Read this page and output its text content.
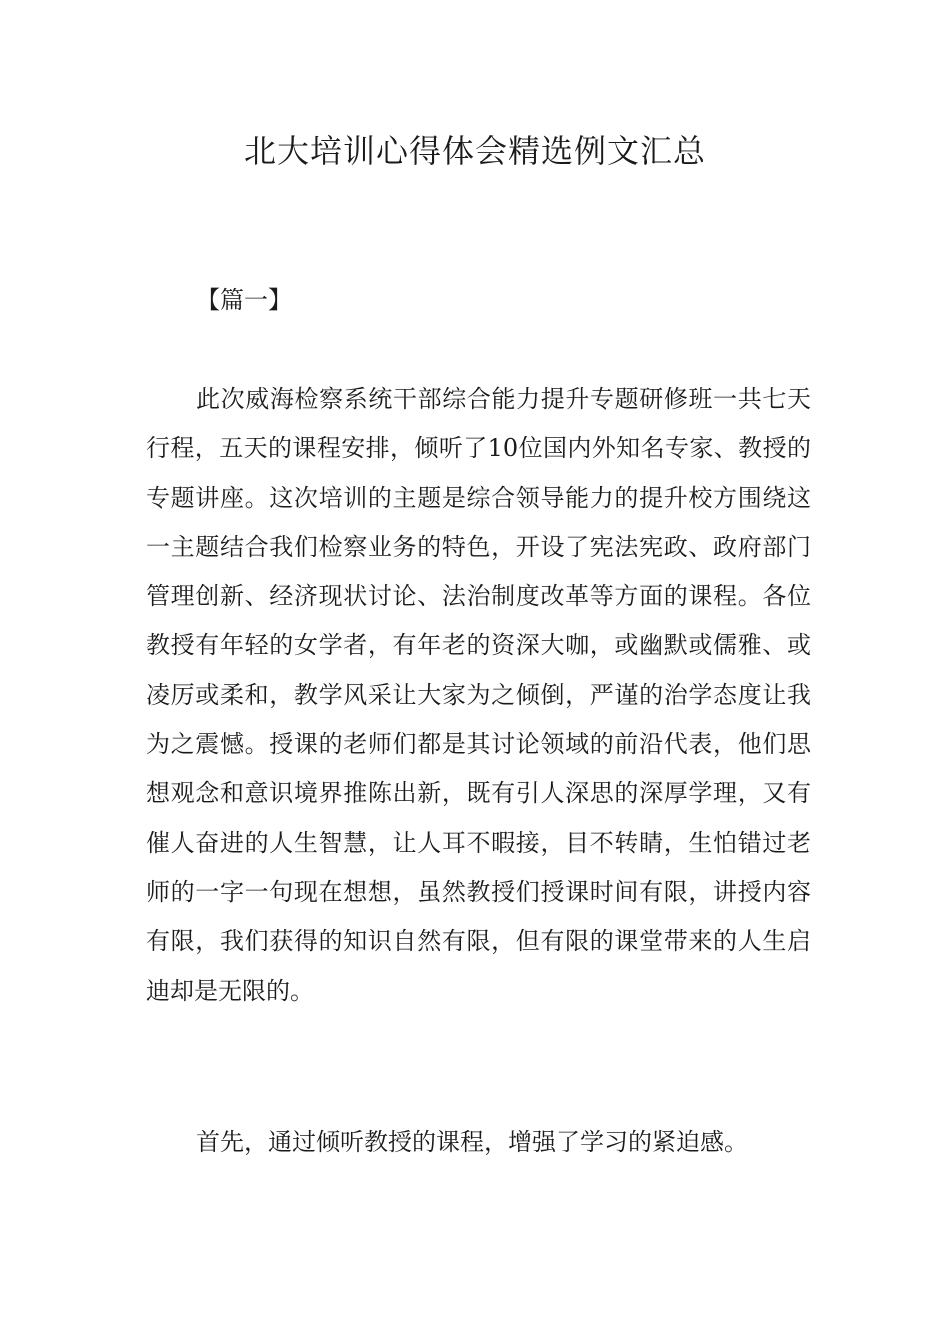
北大培训心得体会精选例文汇总

【篇一】

此次威海检察系统干部综合能力提升专题研修班一共七天行程，五天的课程安排，倾听了10位国内外知名专家、教授的专题讲座。这次培训的主题是综合领导能力的提升校方围绕这一主题结合我们检察业务的特色，开设了宪法宪政、政府部门管理创新、经济现状讨论、法治制度改革等方面的课程。各位教授有年轻的女学者，有年老的资深大咖，或幽默或儒雅、或凌厉或柔和，教学风采让大家为之倾倒，严谨的治学态度让我为之震憾。授课的老师们都是其讨论领域的前沿代表，他们思想观念和意识境界推陈出新，既有引人深思的深厚学理，又有催人奋进的人生智慧，让人耳不暇接，目不转睛，生怕错过老师的一字一句现在想想，虽然教授们授课时间有限，讲授内容有限，我们获得的知识自然有限，但有限的课堂带来的人生启迪却是无限的。

首先，通过倾听教授的课程，增强了学习的紧迫感。
